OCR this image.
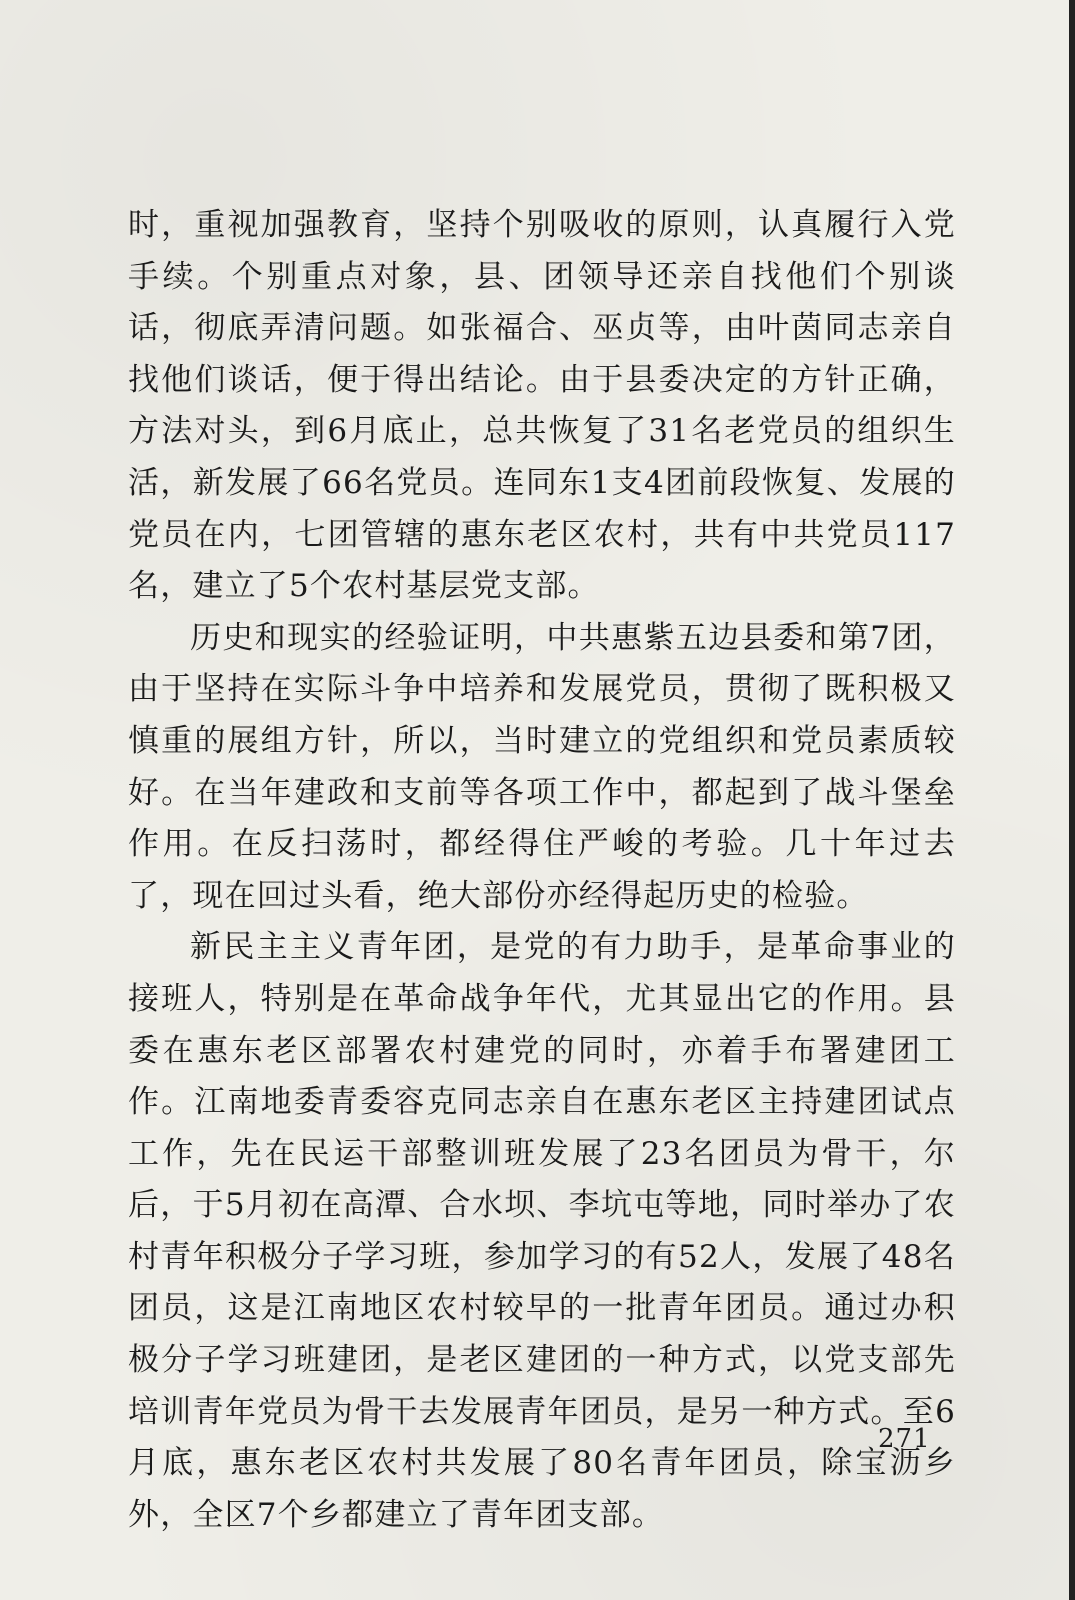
时，重视加强教育，坚持个别吸收的原则，认真履行入党手续。个别重点对象，县、团领导还亲自找他们个别谈话，彻底弄清问题。如张福合、巫贞等，由叶茵同志亲自找他们谈话，便于得出结论。由于县委决定的方针正确，方法对头，到6月底止，总共恢复了31名老党员的组织生活，新发展了66名党员。连同东1支4团前段恢复、发展的党员在内，七团管辖的惠东老区农村，共有中共党员117名，建立了5个农村基层党支部。

历史和现实的经验证明，中共惠紫五边县委和第7团，由于坚持在实际斗争中培养和发展党员，贯彻了既积极又慎重的展组方针，所以，当时建立的党组织和党员素质较好。在当年建政和支前等各项工作中，都起到了战斗堡垒作用。在反扫荡时，都经得住严峻的考验。几十年过去了，现在回过头看，绝大部份亦经得起历史的检验。

新民主主义青年团，是党的有力助手，是革命事业的接班人，特别是在革命战争年代，尤其显出它的作用。县委在惠东老区部署农村建党的同时，亦着手布署建团工作。江南地委青委容克同志亲自在惠东老区主持建团试点工作，先在民运干部整训班发展了23名团员为骨干，尔后，于5月初在高潭、合水坝、李坑屯等地，同时举办了农村青年积极分子学习班，参加学习的有52人，发展了48名团员，这是江南地区农村较早的一批青年团员。通过办积极分子学习班建团，是老区建团的一种方式，以党支部先培训青年党员为骨干去发展青年团员，是另一种方式。至6月底，惠东老区农村共发展了80名青年团员，除宝沥乡外，全区7个乡都建立了青年团支部。

271
